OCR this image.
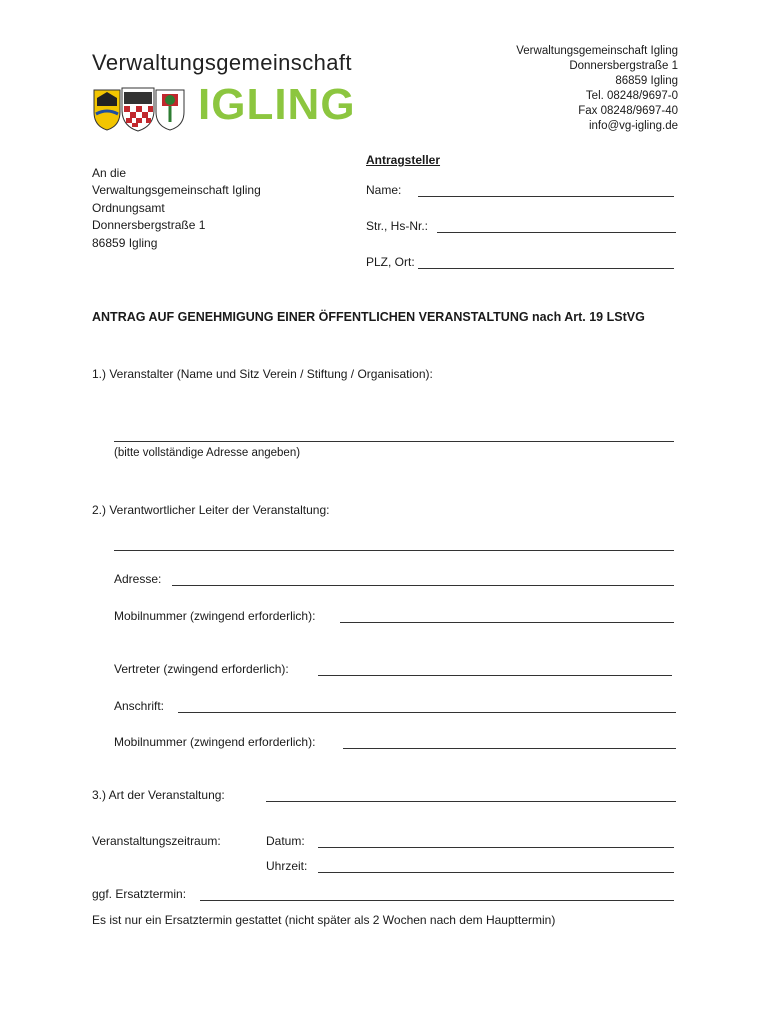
Verwaltungsgemeinschaft
IGLING
Verwaltungsgemeinschaft Igling
Donnersbergstraße 1
86859 Igling
Tel. 08248/9697-0
Fax 08248/9697-40
info@vg-igling.de
An die
Verwaltungsgemeinschaft Igling
Ordnungsamt
Donnersbergstraße 1
86859 Igling
Antragsteller
Name:
Str., Hs-Nr.:
PLZ, Ort:
ANTRAG AUF GENEHMIGUNG EINER ÖFFENTLICHEN VERANSTALTUNG nach Art. 19 LStVG
1.) Veranstalter (Name und Sitz Verein / Stiftung / Organisation):
(bitte vollständige Adresse angeben)
2.) Verantwortlicher Leiter der Veranstaltung:
Adresse:
Mobilnummer (zwingend erforderlich):
Vertreter (zwingend erforderlich):
Anschrift:
Mobilnummer (zwingend erforderlich):
3.) Art der Veranstaltung:
Veranstaltungszeitraum:	Datum:
Uhrzeit:
ggf. Ersatztermin:
Es ist nur ein Ersatztermin gestattet (nicht später als 2 Wochen nach dem Haupttermin)
